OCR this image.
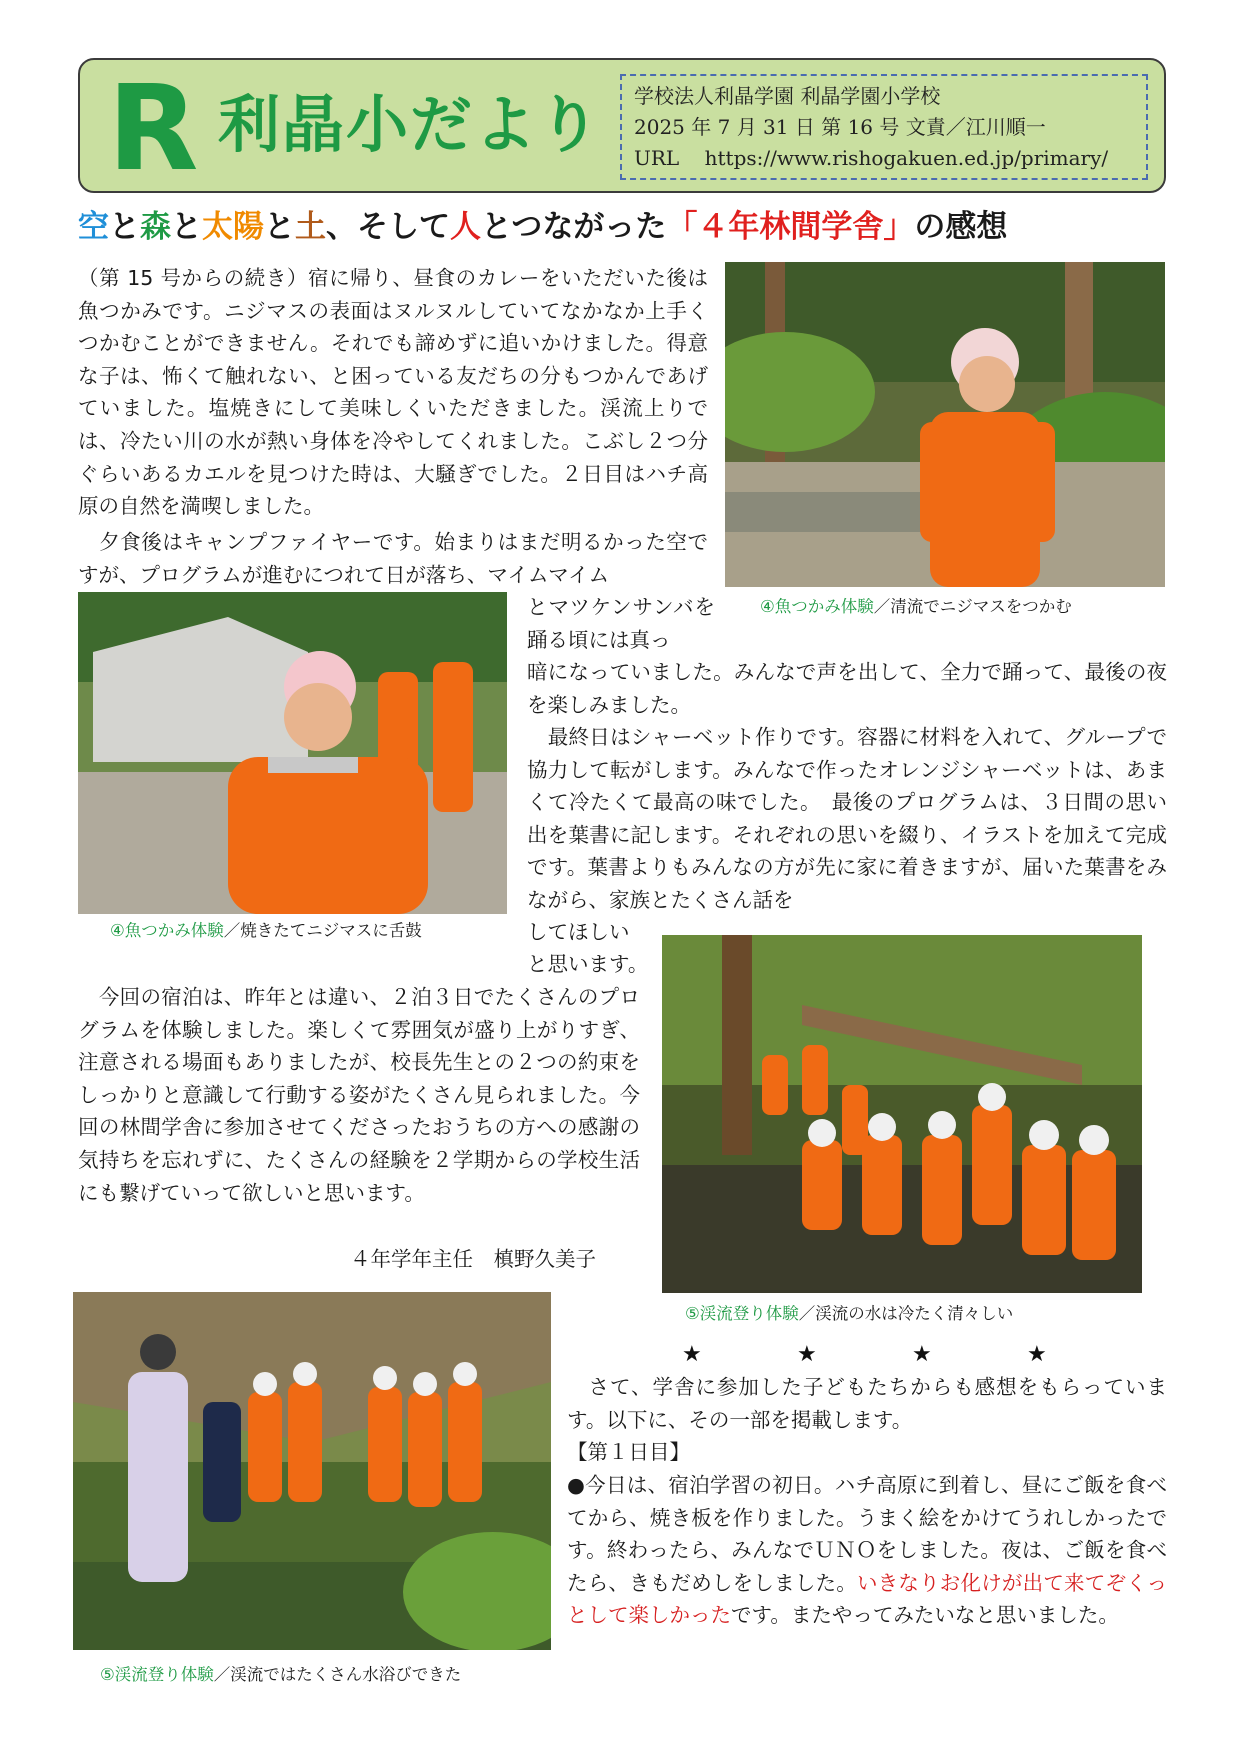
R 利晶小だより 学校法人利晶学園 利晶学園小学校
2025 年 7 月 31 日 第 16 号 文責／江川順一
URL https://www.rishogakuen.ed.jp/primary/
空と森と太陽と土、そして人とつながった「４年林間学舎」の感想
（第 15 号からの続き）宿に帰り、昼食のカレーをいただいた後は魚つかみです。ニジマスの表面はヌルヌルしていてなかなか上手くつかむことができません。それでも諦めずに追いかけました。得意な子は、怖くて触れない、と困っている友だちの分もつかんであげていました。塩焼きにして美味しくいただきました。渓流上りでは、冷たい川の水が熱い身体を冷やしてくれました。こぶし２つ分ぐらいあるカエルを見つけた時は、大騒ぎでした。２日目はハチ高原の自然を満喫しました。
　夕食後はキャンプファイヤーです。始まりはまだ明るかった空ですが、プログラムが進むにつれて日が落ち、マイムマイム
とマツケンサンバを踊る頃には真っ
暗になっていました。みんなで声を出して、全力で踊って、最後の夜を楽しみました。
　最終日はシャーベット作りです。容器に材料を入れて、グループで協力して転がします。みんなで作ったオレンジシャーベットは、あまくて冷たくて最高の味でした。　最後のプログラムは、３日間の思い出を葉書に記します。それぞれの思いを綴り、イラストを加えて完成です。葉書よりもみんなの方が先に家に着きますが、届いた葉書をみながら、家族とたくさん話を
してほしい
と思います。
　今回の宿泊は、昨年とは違い、２泊３日でたくさんのプログラムを体験しました。楽しくて雰囲気が盛り上がりすぎ、注意される場面もありましたが、校長先生との２つの約束をしっかりと意識して行動する姿がたくさん見られました。今回の林間学舎に参加させてくださったおうちの方への感謝の気持ちを忘れずに、たくさんの経験を２学期からの学校生活にも繋げていって欲しいと思います。
４年学年主任　槙野久美子
★	★	★	★
　さて、学舎に参加した子どもたちからも感想をもらっています。以下に、その一部を掲載します。
【第１日目】
●今日は、宿泊学習の初日。ハチ高原に到着し、昼にご飯を食べてから、焼き板を作りました。うまく絵をかけてうれしかったです。終わったら、みんなでＵＮＯをしました。夜は、ご飯を食べたら、きもだめしをしました。いきなりお化けが出て来てぞくっとして楽しかったです。またやってみたいなと思いました。
④魚つかみ体験／清流でニジマスをつかむ
④魚つかみ体験／焼きたてニジマスに舌鼓
⑤渓流登り体験／渓流の水は冷たく清々しい
⑤渓流登り体験／渓流ではたくさん水浴びできた
